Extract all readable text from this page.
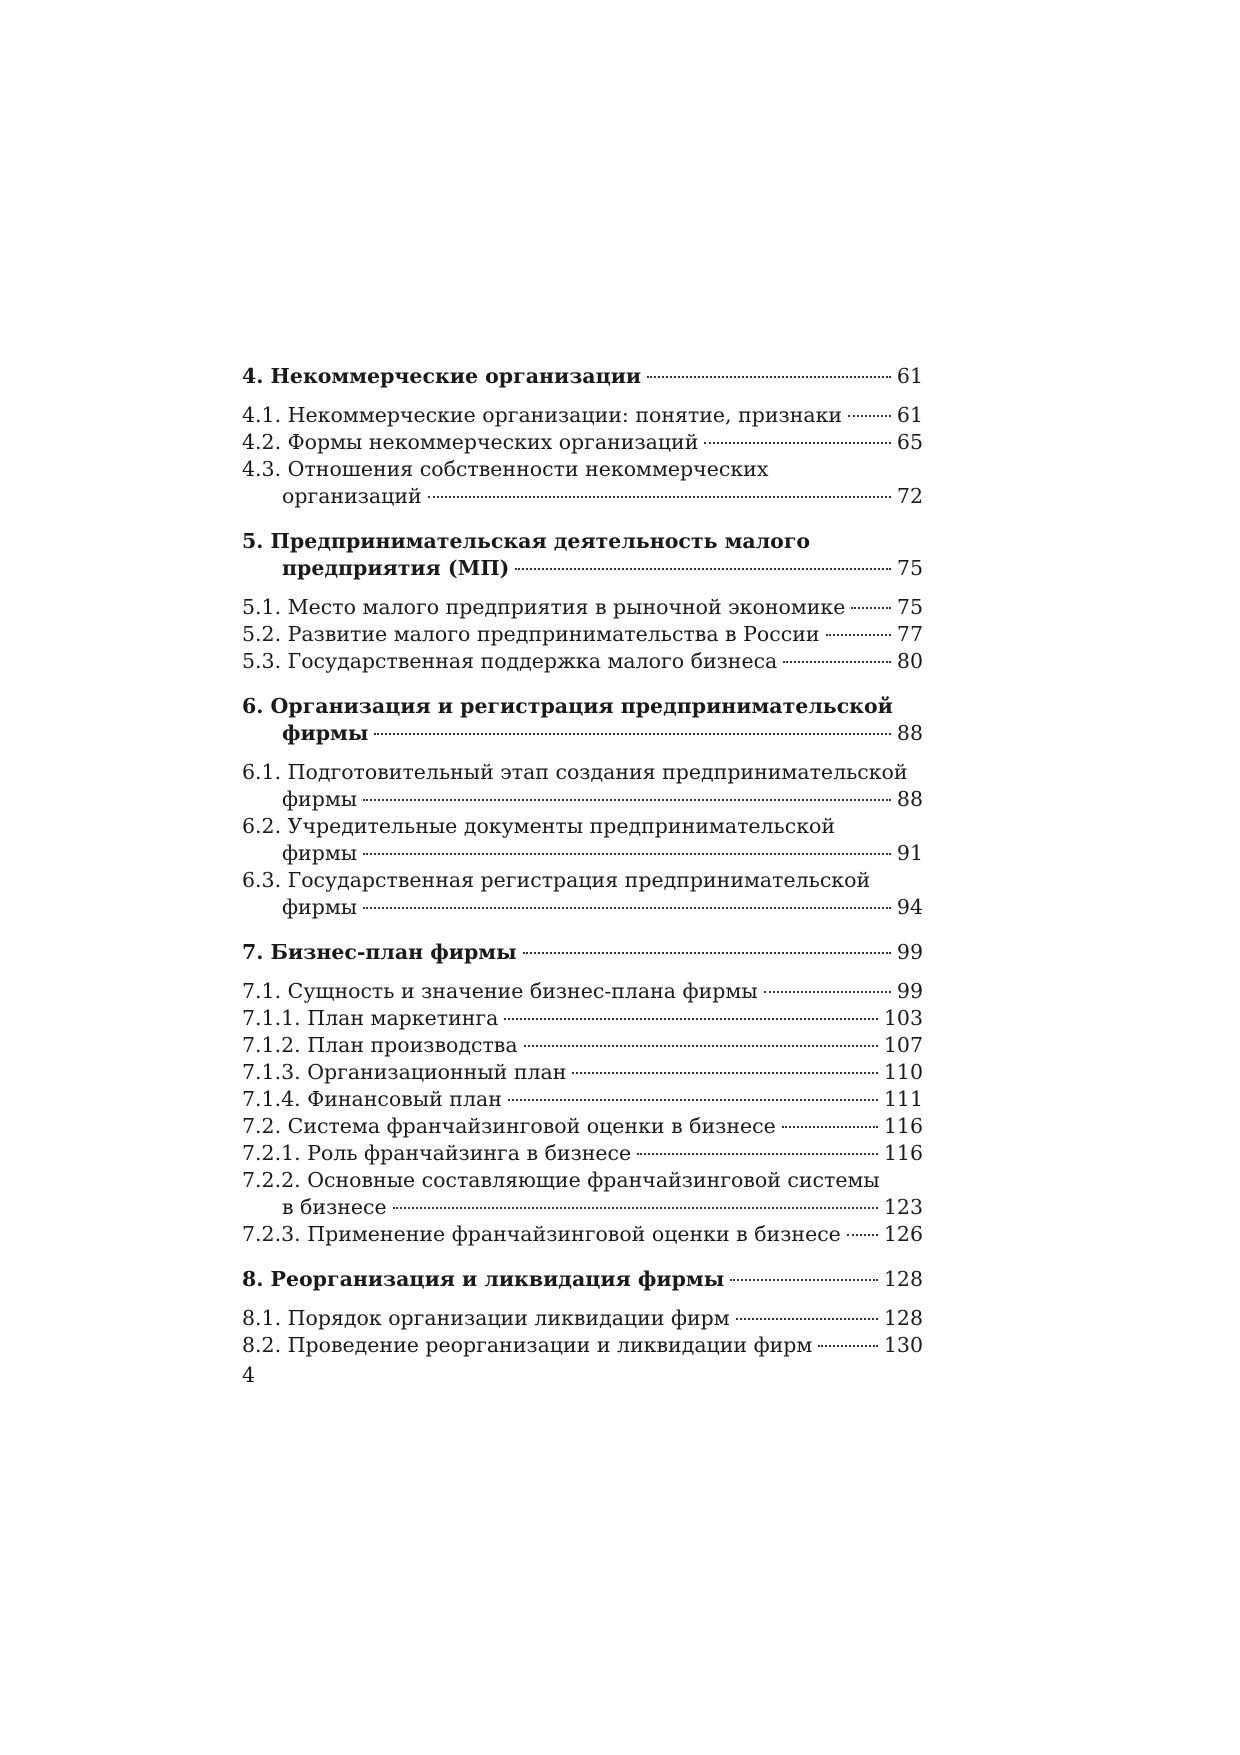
4. Некоммерческие организации	61
4.1. Некоммерческие организации: понятие, признаки	61
4.2. Формы некоммерческих организаций	65
4.3. Отношения собственности некоммерческих
организаций	72
5. Предпринимательская деятельность малого
предприятия (МП)	75
5.1. Место малого предприятия в рыночной экономике	75
5.2. Развитие малого предпринимательства в России	77
5.3. Государственная поддержка малого бизнеса	80
6. Организация и регистрация предпринимательской
фирмы	88
6.1. Подготовительный этап создания предпринимательской
фирмы	88
6.2. Учредительные документы предпринимательской
фирмы	91
6.3. Государственная регистрация предпринимательской
фирмы	94
7. Бизнес-план фирмы	99
7.1. Сущность и значение бизнес-плана фирмы	99
7.1.1. План маркетинга	103
7.1.2. План производства	107
7.1.3. Организационный план	110
7.1.4. Финансовый план	111
7.2. Система франчайзинговой оценки в бизнесе	116
7.2.1. Роль франчайзинга в бизнесе	116
7.2.2. Основные составляющие франчайзинговой системы
в бизнесе	123
7.2.3. Применение франчайзинговой оценки в бизнесе 126
8. Реорганизация и ликвидация фирмы	128
8.1. Порядок организации ликвидации фирм	128
8.2. Проведение реорганизации и ликвидации фирм	130
4
